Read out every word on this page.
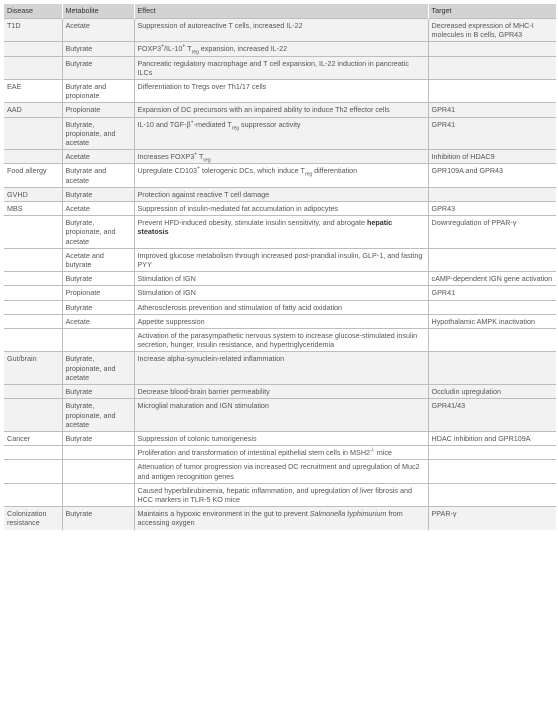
Disease	Metabolite	Effect	Target
T1D	Acetate	Suppression of autoreactive T cells, increased IL-22	Decreased expression of MHC-I molecules in B cells, GPR43
	Butyrate	FOXP3+/IL-10+ $T_{reg}$ expansion, increased IL-22	
	Butyrate	Pancreatic regulatory macrophage and T cell expansion, IL-22 induction in pancreatic ILCs	
EAE	Butyrate and propionate	Differentiation to Tregs over Th1/17 cells	
AAD	Propionate	Expansion of DC precursors with an impaired ability to induce Th2 effector cells	GPR41
	Butyrate, propionate, and acetate	IL-10 and TGF-β+-mediated $T_{reg}$ suppressor activity	GPR41
	Acetate	Increases FOXP3+ $T_{reg}$	Inhibition of HDAC9
Food allergy	Butyrate and acetate	Upregulate CD103+ tolerogenic DCs, which induce $T_{reg}$ differentiation	GPR109A and GPR43
GVHD	Butyrate	Protection against reactive T cell damage	
MBS	Acetate	Suppression of insulin-mediated fat accumulation in adipocytes	GPR43
	Butyrate, propionate, and acetate	Prevent HFD-induced obesity, stimulate insulin sensitivity, and abrogate hepatic steatosis	Downregulation of PPAR-γ
	Acetate and butyrate	Improved glucose metabolism through increased post-prandial insulin, GLP-1, and fasting PYY	
	Butyrate	Stimulation of IGN	cAMP-dependent IGN gene activation
	Propionate	Stimulation of IGN	GPR41
	Butyrate	Atherosclerosis prevention and stimulation of fatty acid oxidation	
	Acetate	Appetite suppression	Hypothalamic AMPK inactivation
		Activation of the parasympathetic nervous system to increase glucose-stimulated insulin secretion, hunger, insulin resistance, and hypertriglyceridemia	
Gut/brain	Butyrate, propionate, and acetate	Increase alpha-synuclein-related inflammation	
	Butyrate	Decrease blood-brain barrier permeability	Occludin upregulation
	Butyrate, propionate, and acetate	Microglial maturation and IGN stimulation	GPR41/43
Cancer	Butyrate	Suppression of colonic tumorigenesis	HDAC inhibition and GPR109A
		Proliferation and transformation of intestinal epithelial stem cells in MSH2-/- mice	
		Attenuation of tumor progression via increased DC recruitment and upregulation of Muc2 and antigen recognition genes	
		Caused hyperbilirubinemia, hepatic inflammation, and upregulation of liver fibrosis and HCC markers in TLR-5 KO mice	
Colonization resistance	Butyrate	Maintains a hypoxic environment in the gut to prevent Salmonella typhimurium from accessing oxygen	PPAR-γ
